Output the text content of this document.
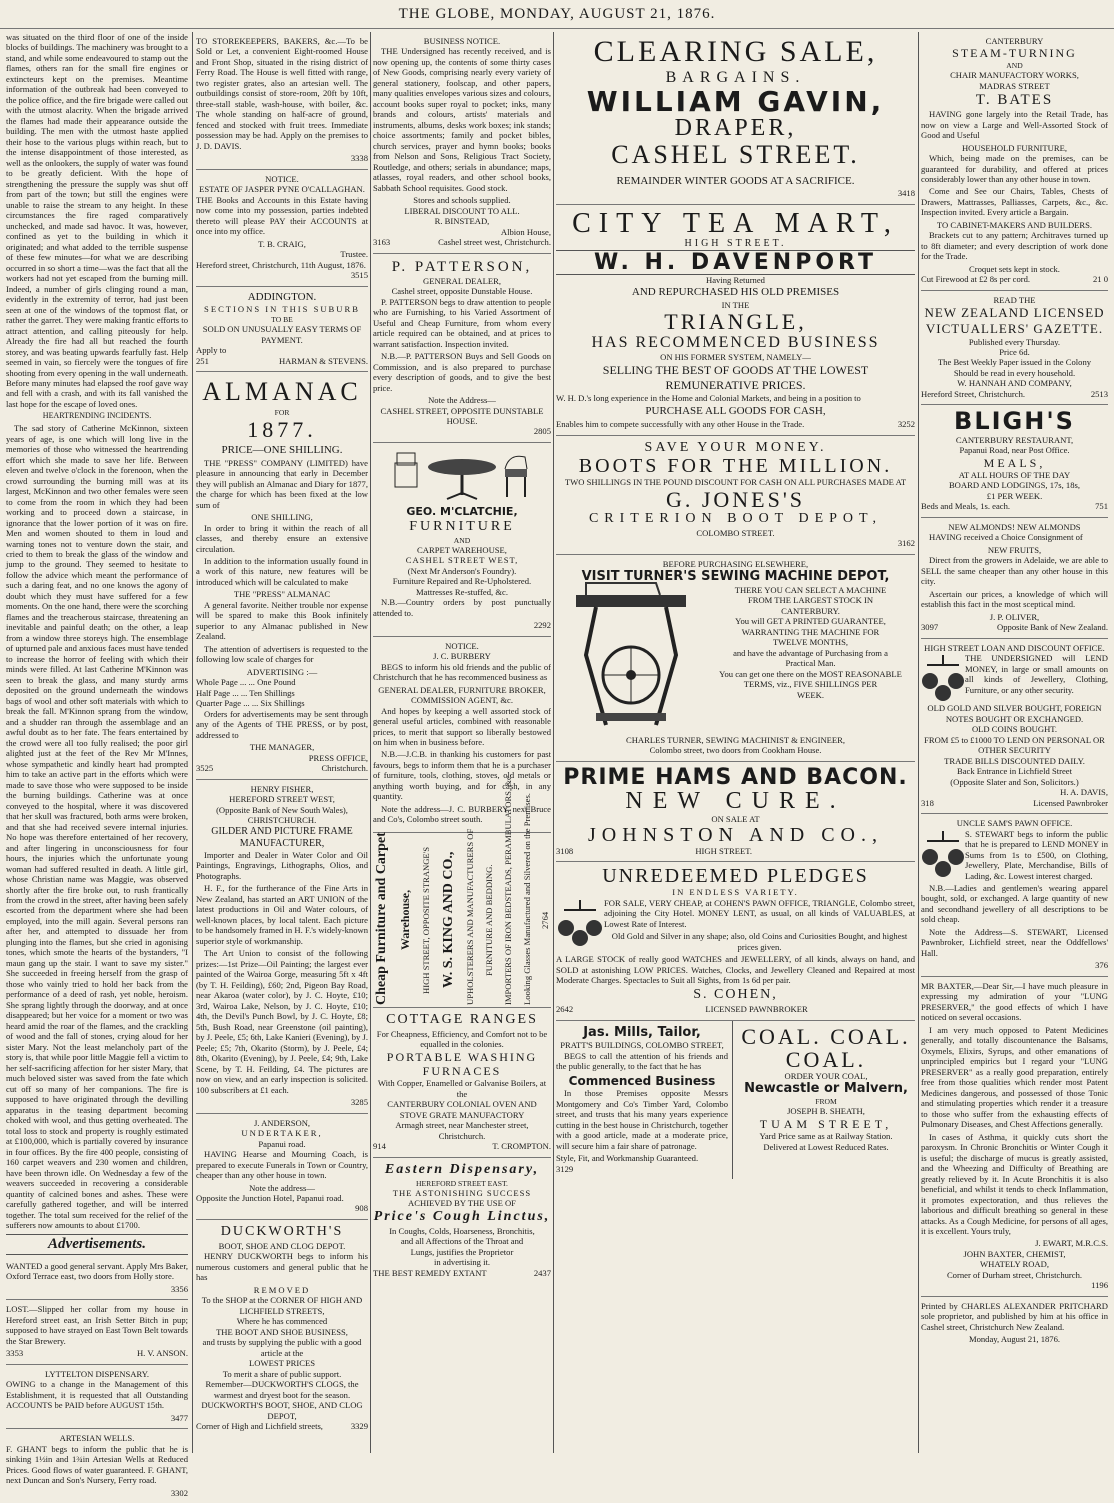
THE GLOBE, MONDAY, AUGUST 21, 1876.

was situated on the third floor of one of the inside blocks of buildings. The machinery was brought to a stand, and while some endeavoured to stamp out the flames, others ran for the small fire engines or extincteurs kept on the premises. Meantime information of the outbreak had been conveyed to the police office, and the fire brigade were called out with the utmost alacrity. When the brigade arrived the flames had made their appearance outside the building. The men with the utmost haste applied their hose to the various plugs within reach, but to the intense disappointment of those interested, as well as the onlookers, the supply of water was found to be greatly deficient. With the hope of strengthening the pressure the supply was shut off from part of the town; but still the engines were unable to raise the stream to any height. In these circumstances the fire raged comparatively unchecked, and made sad havoc. It was, however, confined as yet to the building in which it originated; and what added to the terrible suspense of these few minutes—for what we are describing occurred in so short a time—was the fact that all the workers had not yet escaped from the burning mill. Indeed, a number of girls clinging round a man, evidently in the extremity of terror, had just been seen at one of the windows of the topmost flat, or rather the garret. They were making frantic efforts to attract attention, and calling piteously for help. Already the fire had all but reached the fourth storey, and was beating upwards fearfully fast. Help seemed in vain, so fiercely were the tongues of fire shooting from every opening in the wall underneath. Before many minutes had elapsed the roof gave way and fell with a crash, and with its fall vanished the last hope for the escape of loved ones.

HEARTRENDING INCIDENTS.

The sad story of Catherine McKinnon, sixteen years of age, is one which will long live in the memories of those who witnessed the heartrending effort which she made to save her life. Between eleven and twelve o'clock in the forenoon, when the crowd surrounding the burning mill was at its largest, McKinnon and two other females were seen to come from the room in which they had been working and to proceed down a staircase, in ignorance that the lower portion of it was on fire. Men and women shouted to them in loud and warning tones not to venture down the stair, and cried to them to break the glass of the window and jump to the ground. They seemed to hesitate to follow the advice which meant the performance of such a daring feat, and no one knows the agony of doubt which they must have suffered for a few moments. On the one hand, there were the scorching flames and the treacherous staircase, threatening an inevitable and painful death; on the other, a leap from a window three storeys high. The ensemblage of upturned pale and anxious faces must have tended to increase the horror of feeling with which their minds were filled. At last Catherine M'Kinnon was seen to break the glass, and many sturdy arms deposited on the ground underneath the windows bags of wool and other soft materials with which to break the fall. M'Kinnon sprang from the window, and a shudder ran through the assemblage and an awful doubt as to her fate. The fears entertained by the crowd were all too fully realised; the poor girl alighted just at the feet of the Rev Mr M'Innes, whose sympathetic and kindly heart had prompted him to take an active part in the efforts which were made to save those who were supposed to be inside the burning buildings. Catherine was at once conveyed to the hospital, where it was discovered that her skull was fractured, both arms were broken, and that she had received severe internal injuries. No hope was therefore entertained of her recovery, and after lingering in unconsciousness for four hours, the injuries which the unfortunate young woman had suffered resulted in death. A little girl, whose Christian name was Maggie, was observed shortly after the fire broke out, to rush frantically from the crowd in the street, after having been safely escorted from the department where she had been employed, into the mill again. Several persons ran after her, and attempted to dissuade her from plunging into the flames, but she cried in agonising tones, which smote the hearts of the bystanders, "I maun gang up the stair. I want to save my sister." She succeeded in freeing herself from the grasp of those who vainly tried to hold her back from the performance of a deed of rash, yet noble, heroism. She sprang lightly through the doorway, and at once disappeared; but her voice for a moment or two was heard amid the roar of the flames, and the crackling of wood and the fall of stones, crying aloud for her sister Mary. Not the least melancholy part of the story is, that while poor little Maggie fell a victim to her self-sacrificing affection for her sister Mary, that much beloved sister was saved from the fate which cut off so many of her companions. The fire is supposed to have originated through the devilling apparatus in the teasing department becoming choked with wool, and thus getting overheated. The total loss to stock and property is roughly estimated at £100,000, which is partially covered by insurance in four offices. By the fire 400 people, consisting of 160 carpet weavers and 230 women and children, have been thrown idle. On Wednesday a few of the weavers succeeded in recovering a considerable quantity of calcined bones and ashes. These were carefully gathered together, and will be interred together. The total sum received for the relief of the sufferers now amounts to about £1700.

Advertisements.

WANTED a good general servant. Apply Mrs Baker, Oxford Terrace east, two doors from Holly store.

3356

LOST.—Slipped her collar from my house in Hereford street east, an Irish Setter Bitch in pup; supposed to have strayed on East Town Belt towards the Star Brewery.

3353	H. V. ANSON.
LYTTELTON DISPENSARY.

OWING to a change in the Management of this Establishment, it is requested that all Outstanding ACCOUNTS be PAID before AUGUST 15th.

3477
ARTESIAN WELLS.

F. GHANT begs to inform the public that he is sinking 1½in and 1¾in Artesian Wells at Reduced Prices. Good flows of water guaranteed. F. GHANT, next Duncan and Son's Nursery, Ferry road.

3302

TO STOREKEEPERS, BAKERS, &c.—To be Sold or Let, a convenient Eight-roomed House and Front Shop, situated in the rising district of Ferry Road. The House is well fitted with range, two register grates, also an artesian well. The outbuildings consist of store-room, 20ft by 10ft, three-stall stable, wash-house, with boiler, &c. The whole standing on half-acre of ground, fenced and stocked with fruit trees. Immediate possession may be had. Apply on the premises to J. D. DAVIS.

3338
NOTICE.
ESTATE OF JASPER PYNE O'CALLAGHAN.

THE Books and Accounts in this Estate having now come into my possession, parties indebted thereto will please PAY their ACCOUNTS at once into my office.

T. B. CRAIG,
Trustee.
Hereford street, Christchurch, 11th August, 1876.
3515
ADDINGTON.
SECTIONS IN THIS SUBURB
TO BE
SOLD ON UNUSUALLY EASY TERMS OF PAYMENT.
Apply to
251	HARMAN & STEVENS.
ALMANAC
FOR
1877.
PRICE—ONE SHILLING.

THE "PRESS" COMPANY (LIMITED) have pleasure in announcing that early in December they will publish an Almanac and Diary for 1877, the charge for which has been fixed at the low sum of

ONE SHILLING,

In order to bring it within the reach of all classes, and thereby ensure an extensive circulation.

In addition to the information usually found in a work of this nature, new features will be introduced which will be calculated to make

THE "PRESS" ALMANAC

A general favorite. Neither trouble nor expense will be spared to make this Book infinitely superior to any Almanac published in New Zealand.

The attention of advertisers is requested to the following low scale of charges for

ADVERTISING :—
Whole Page ... ... One Pound
Half Page ... ... Ten Shillings
Quarter Page ... ... Six Shillings

Orders for advertisements may be sent through any of the Agents of THE PRESS, or by post, addressed to

THE MANAGER,
PRESS OFFICE,
3525	Christchurch.
HENRY FISHER,
HEREFORD STREET WEST,
(Opposite Bank of New South Wales),
CHRISTCHURCH.
GILDER AND PICTURE FRAME MANUFACTURER,

Importer and Dealer in Water Color and Oil Paintings, Engravings, Lithographs, Olios, and Photographs.

H. F., for the furtherance of the Fine Arts in New Zealand, has started an ART UNION of the latest productions in Oil and Water colours, of well-known places, by local talent. Each picture to be handsomely framed in H. F.'s widely-known superior style of workmanship.

The Art Union to consist of the following prizes:—1st Prize—Oil Painting; the largest ever painted of the Wairoa Gorge, measuring 5ft x 4ft (by T. H. Feilding), £60; 2nd, Pigeon Bay Road, near Akaroa (water color), by J. C. Hoyte, £10; 3rd, Wairoa Lake, Nelson, by J. C. Hoyte, £10; 4th, the Devil's Punch Bowl, by J. C. Hoyte, £8; 5th, Bush Road, near Greenstone (oil painting), by J. Peele, £5; 6th, Lake Kanieri (Evening), by J. Peele; £5; 7th, Okarito (Storm), by J. Peele, £4; 8th, Okarito (Evening), by J. Peele, £4; 9th, Lake Scene, by T. H. Feilding, £4. The pictures are now on view, and an early inspection is solicited. 100 subscribers at £1 each.

3285
J. ANDERSON,
UNDERTAKER,
Papanui road.

HAVING Hearse and Mourning Coach, is prepared to execute Funerals in Town or Country, cheaper than any other house in town.

Note the address—
Opposite the Junction Hotel, Papanui road.
908
DUCKWORTH'S
BOOT, SHOE AND CLOG DEPOT.

HENRY DUCKWORTH begs to inform his numerous customers and general public that he has

REMOVED
To the SHOP at the CORNER OF HIGH AND LICHFIELD STREETS,
Where he has commenced
THE BOOT AND SHOE BUSINESS,
and trusts by supplying the public with a good article at the
LOWEST PRICES
To merit a share of public support.
Remember—DUCKWORTH'S CLOGS, the warmest and dryest boot for the season.
DUCKWORTH'S BOOT, SHOE, AND CLOG DEPOT,
Corner of High and Lichfield streets,	3329
BUSINESS NOTICE.

THE Undersigned has recently received, and is now opening up, the contents of some thirty cases of New Goods, comprising nearly every variety of general stationery, foolscap, and other papers, many qualities envelopes various sizes and colours, account books super royal to pocket; inks, many brands and colours, artists' materials and instruments, albums, desks work boxes; ink stands; choice assortments; family and pocket bibles, church services, prayer and hymn books; books from Nelson and Sons, Religious Tract Society, Routledge, and others; serials in abundance; maps, atlasses, royal readers, and other school books, Sabbath School requisites. Good stock.

Stores and schools supplied.
LIBERAL DISCOUNT TO ALL.
R. BINSTEAD,
Albion House,
3163	Cashel street west, Christchurch.
P. PATTERSON,
GENERAL DEALER,
Cashel street, opposite Dunstable House.

P. PATTERSON begs to draw attention to people who are Furnishing, to his Varied Assortment of Useful and Cheap Furniture, from whom every article required can be obtained, and at prices to warrant satisfaction. Inspection invited.

N.B.—P. PATTERSON Buys and Sell Goods on Commission, and is also prepared to purchase every description of goods, and to give the best price.

Note the Address—
CASHEL STREET, OPPOSITE DUNSTABLE HOUSE.
2805
GEO. M'CLATCHIE,
FURNITURE
AND
CARPET WAREHOUSE,
CASHEL STREET WEST,
(Next Mr Anderson's Foundry).
Furniture Repaired and Re-Upholstered.
Mattresses Re-stuffed, &c.

N.B.—Country orders by post punctually attended to.

2292
NOTICE.
J. C. BURBERY

BEGS to inform his old friends and the public of Christchurch that he has recommenced business as

GENERAL DEALER, FURNITURE BROKER, COMMISSION AGENT, &c.

And hopes by keeping a well assorted stock of general useful articles, combined with reasonable prices, to merit that support so liberally bestowed on him when in business before.

N.B.—J.C.B. in thanking his customers for past favours, begs to inform them that he is a purchaser of furniture, tools, clothing, stoves, old metals or anything worth buying, and for cash, in any quantity.

Note the address—J. C. BURBERY, next Bruce and Co's, Colombo street south.

Cheap Furniture and Carpet Warehouse, HIGH STREET, OPPOSITE STRANGE'S W. S. KING AND CO., UPHOLSTERERS AND MANUFACTURERS OF FURNITURE AND BEDDING. IMPORTERS OF IRON BEDSTEADS, PERAMBULATORS, &c. Looking Glasses Manufactured and Silvered on the Premises. 2764
COTTAGE RANGES
For Cheapness, Efficiency, and Comfort not to be equalled in the colonies.
PORTABLE WASHING FURNACES
With Copper, Enamelled or Galvanise Boilers, at the
CANTERBURY COLONIAL OVEN AND STOVE GRATE MANUFACTORY
Armagh street, near Manchester street, Christchurch.
914	T. CROMPTON.
Eastern Dispensary,
HEREFORD STREET EAST.
THE ASTONISHING SUCCESS
ACHIEVED BY THE USE OF
Price's Cough Linctus,
In Coughs, Colds, Hoarseness, Bronchitis,
and all Affections of the Throat and
Lungs, justifies the Proprietor
in advertising it.
THE BEST REMEDY EXTANT	2437
CLEARING SALE,
BARGAINS.
WILLIAM GAVIN,
DRAPER,
CASHEL STREET.
REMAINDER WINTER GOODS AT A SACRIFICE.
3418
CITY TEA MART,
HIGH STREET.
W. H. DAVENPORT
Having Returned
AND REPURCHASED HIS OLD PREMISES
IN THE
TRIANGLE,
HAS RECOMMENCED BUSINESS
ON HIS FORMER SYSTEM, NAMELY—
SELLING THE BEST OF GOODS AT THE LOWEST REMUNERATIVE PRICES.

W. H. D.'s long experience in the Home and Colonial Markets, and being in a position to

PURCHASE ALL GOODS FOR CASH,
Enables him to compete successfully with any other House in the Trade.	3252
SAVE YOUR MONEY.
BOOTS FOR THE MILLION.
TWO SHILLINGS IN THE POUND DISCOUNT FOR CASH ON ALL PURCHASES MADE AT
G. JONES'S
CRITERION BOOT DEPOT,
COLOMBO STREET.
3162
BEFORE PURCHASING ELSEWHERE,
VISIT TURNER'S SEWING MACHINE DEPOT,
THERE YOU CAN SELECT A MACHINE
FROM THE LARGEST STOCK IN
CANTERBURY.
You will GET A PRINTED GUARANTEE,
WARRANTING THE MACHINE FOR
TWELVE MONTHS,
and have the advantage of Purchasing from a
Practical Man.
You can get one there on the MOST REASONABLE
TERMS, viz., FIVE SHILLINGS PER
WEEK.
CHARLES TURNER, SEWING MACHINIST & ENGINEER,
Colombo street, two doors from Cookham House.
PRIME HAMS AND BACON.
NEW CURE.
ON SALE AT
JOHNSTON AND CO.,
3108	HIGH STREET.
UNREDEEMED PLEDGES
IN ENDLESS VARIETY.

FOR SALE, VERY CHEAP, at COHEN'S PAWN OFFICE, TRIANGLE, Colombo street, adjoining the City Hotel. MONEY LENT, as usual, on all kinds of VALUABLES, at Lowest Rate of Interest.

Old Gold and Silver in any shape; also, old Coins and Curiosities Bought, and highest prices given.

A LARGE STOCK of really good WATCHES and JEWELLERY, of all kinds, always on hand, and SOLD at astonishing LOW PRICES. Watches, Clocks, and Jewellery Cleaned and Repaired at most Moderate Charges. Spectacles to Suit all Sights, from 1s 6d per pair.

S. COHEN,
2642	LICENSED PAWNBROKER
Jas. Mills, Tailor,
PRATT'S BUILDINGS, COLOMBO STREET,

BEGS to call the attention of his friends and the public generally, to the fact that he has

Commenced Business

In those Premises opposite Messrs Montgomery and Co's Timber Yard, Colombo street, and trusts that his many years experience cutting in the best house in Christchurch, together with a good article, made at a moderate price, will secure him a fair share of patronage.

Style, Fit, and Workmanship Guaranteed.
3129
COAL. COAL.
COAL.
ORDER YOUR COAL,
Newcastle or Malvern,
FROM
JOSEPH B. SHEATH,
TUAM STREET,
Yard Price same as at Railway Station.
Delivered at Lowest Reduced Rates.
CANTERBURY
STEAM-TURNING
AND
CHAIR MANUFACTORY WORKS,
MADRAS STREET
T. BATES

HAVING gone largely into the Retail Trade, has now on view a Large and Well-Assorted Stock of Good and Useful

HOUSEHOLD FURNITURE,

Which, being made on the premises, can be guaranteed for durability, and offered at prices considerably lower than any other house in town.

Come and See our Chairs, Tables, Chests of Drawers, Mattrasses, Palliasses, Carpets, &c., &c. Inspection invited. Every article a Bargain.

TO CABINET-MAKERS AND BUILDERS.

Brackets cut to any pattern; Architraves turned up to 8ft diameter; and every description of work done for the Trade.

Croquet sets kept in stock.
Cut Firewood at £2 8s per cord.	21 0
READ THE
NEW ZEALAND LICENSED
VICTUALLERS' GAZETTE.
Published every Thursday.
Price 6d.
The Best Weekly Paper issued in the Colony
Should be read in every household.
W. HANNAH AND COMPANY,
Hereford Street, Christchurch.	2513
BLIGH'S
CANTERBURY RESTAURANT,
Papanui Road, near Post Office.
MEALS,
AT ALL HOURS OF THE DAY
BOARD AND LODGINGS, 17s, 18s,
£1 PER WEEK.
Beds and Meals, 1s. each.	751
NEW ALMONDS! NEW ALMONDS

HAVING received a Choice Consignment of

NEW FRUITS,

Direct from the growers in Adelaide, we are able to SELL the same cheaper than any other house in this city.

Ascertain our prices, a knowledge of which will establish this fact in the most sceptical mind.

J. P. OLIVER,
3097	Opposite Bank of New Zealand.
HIGH STREET LOAN AND DISCOUNT OFFICE.

THE UNDERSIGNED will LEND MONEY, in large or small amounts on all kinds of Jewellery, Clothing, Furniture, or any other security.

OLD GOLD AND SILVER BOUGHT, FOREIGN NOTES BOUGHT OR EXCHANGED.
OLD COINS BOUGHT.
FROM £5 to £1000 TO LEND ON PERSONAL OR OTHER SECURITY
TRADE BILLS DISCOUNTED DAILY.
Back Entrance in Lichfield Street
(Opposite Slater and Son, Solicitors.)
H. A. DAVIS,
318	Licensed Pawnbroker
UNCLE SAM'S PAWN OFFICE.

S. STEWART begs to inform the public that he is prepared to LEND MONEY in Sums from 1s to £500, on Clothing, Jewellery, Plate, Merchandise, Bills of Lading, &c. Lowest interest charged.

N.B.—Ladies and gentlemen's wearing apparel bought, sold, or exchanged. A large quantity of new and secondhand jewellery of all descriptions to be sold cheap.

Note the Address—S. STEWART, Licensed Pawnbroker, Lichfield street, near the Oddfellows' Hall.

376

MR BAXTER,—Dear Sir,—I have much pleasure in expressing my admiration of your "LUNG PRESERVER," the good effects of which I have noticed on several occasions.

I am very much opposed to Patent Medicines generally, and totally discountenance the Balsams, Oxymels, Elixirs, Syrups, and other emanations of unprincipled empirics but I regard your "LUNG PRESERVER" as a really good preparation, entirely free from those qualities which render most Patent Medicines dangerous, and possessed of those Tonic and stimulating properties which render it a treasure to those who suffer from the exhausting effects of Pulmonary Diseases, and Chest Affections generally.

In cases of Asthma, it quickly cuts short the paroxysm. In Chronic Bronchitis or Winter Cough it is useful; the discharge of mucus is greatly assisted, and the Wheezing and Difficulty of Breathing are greatly relieved by it. In Acute Bronchitis it is also beneficial, and whilst it tends to check Inflammation, it promotes expectoration, and thus relieves the laborious and difficult breathing so general in these attacks. As a Cough Medicine, for persons of all ages, it is excellent. Yours truly,

J. EWART, M.R.C.S.
JOHN BAXTER, CHEMIST,
WHATELY ROAD,
Corner of Durham street, Christchurch.
1196

Printed by CHARLES ALEXANDER PRITCHARD sole proprietor, and published by him at his office in Cashel street, Christchurch New Zealand.

Monday, August 21, 1876.
